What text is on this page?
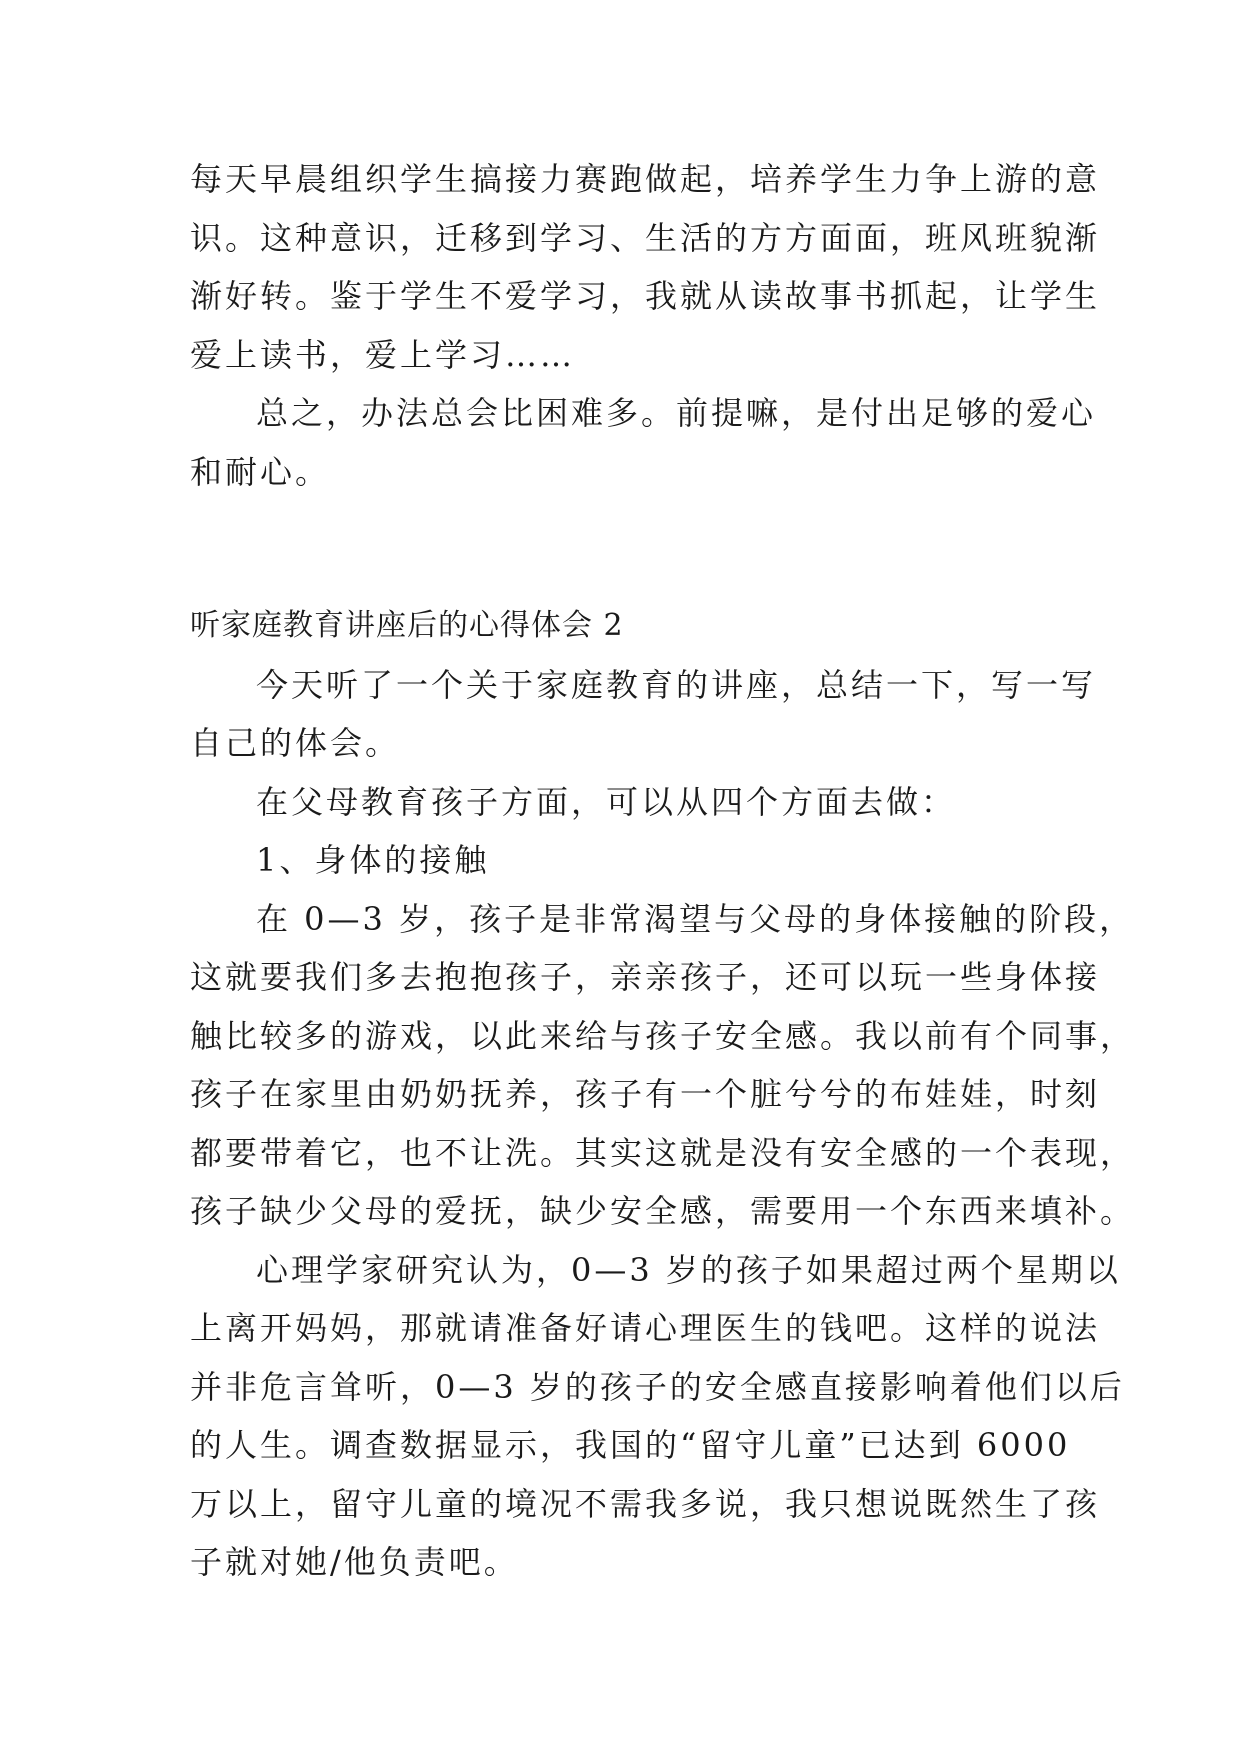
每天早晨组织学生搞接力赛跑做起，培养学生力争上游的意
识。这种意识，迁移到学习、生活的方方面面，班风班貌渐
渐好转。鉴于学生不爱学习，我就从读故事书抓起，让学生
爱上读书，爱上学习……
总之，办法总会比困难多。前提嘛，是付出足够的爱心
和耐心。
听家庭教育讲座后的心得体会 2
今天听了一个关于家庭教育的讲座，总结一下，写一写
自己的体会。
在父母教育孩子方面，可以从四个方面去做：
1、身体的接触
在 0—3 岁，孩子是非常渴望与父母的身体接触的阶段，
这就要我们多去抱抱孩子，亲亲孩子，还可以玩一些身体接
触比较多的游戏，以此来给与孩子安全感。我以前有个同事，
孩子在家里由奶奶抚养，孩子有一个脏兮兮的布娃娃，时刻
都要带着它，也不让洗。其实这就是没有安全感的一个表现，
孩子缺少父母的爱抚，缺少安全感，需要用一个东西来填补。
心理学家研究认为，0—3 岁的孩子如果超过两个星期以
上离开妈妈，那就请准备好请心理医生的钱吧。这样的说法
并非危言耸听，0—3 岁的孩子的安全感直接影响着他们以后
的人生。调查数据显示，我国的“留守儿童”已达到 6000
万以上，留守儿童的境况不需我多说，我只想说既然生了孩
子就对她/他负责吧。
